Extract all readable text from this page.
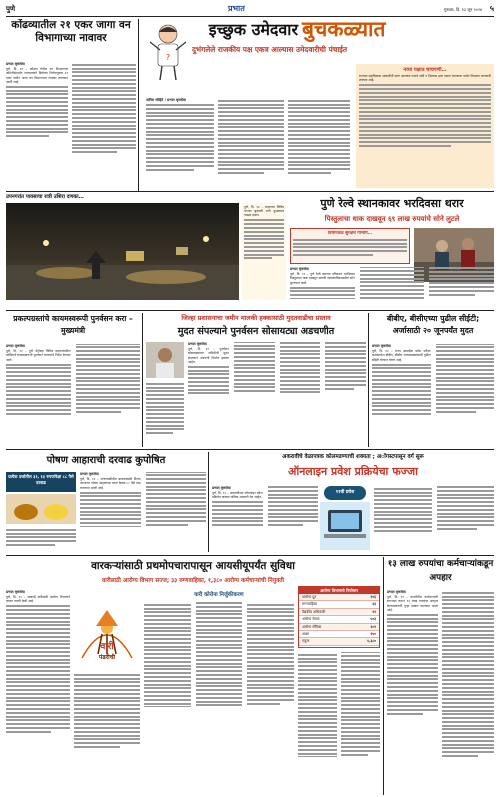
पुणे	प्रभात	गुरुवार, दि. १३ जून २०२४ ५
कोंढव्यातील २१ एकर जागा वन विभागाच्या नावावर
प्रभात वृत्तसेवा
पुणे, दि. १२ – कोंढवा येथील वन विभागाच्या जमिनीसंदर्भात न्यायालयाने दिलेल्या निर्णयानुसार २१ एकर जमीन आता वन विभागाच्या नावावर करण्यात आली आहे.
इच्छुक उमेदवार बुचकळ्यात
?
दुभंगलेले राजकीय पक्ष एकत्र आल्यास उमेदवारीची पंचाईत
अनिल मोहिते / प्रभात वृत्तसेवा
नव्या पक्षात चाचपणी…
राज्यात महाविकास आघाडीची सत्ता आल्यास पक्षाने संधी न दिल्यास इतर पक्षात जाण्याचा पर्याय निवडला जाण्याची शक्यता आहे.
उपनगरांत पावसाचा रात्री उशिरा दणका…
पुणे, दि. १२ – शहराच्या विविध भागांत बुधवारी रात्री मुसळधार पाऊस झाला.
पुणे रेल्वे स्थानकावर भरदिवसा थरार
पिस्तुलाचा धाक दाखवून ६९ लाख रुपयांचे सोने लुटले
विमानतळ सुरक्षेचे गांभीर्य…
प्रभात वृत्तसेवा
पुणे, दि. १२ – पुणे रेल्वे स्थानक परिसरात भरदिवसा पिस्तुलाचा धाक दाखवून सराफी व्यावसायिकाकडील सोने लुटण्यात आले.
प्रकल्पग्रस्तांचे कायमस्वरूपी पुनर्वसन करा – मुख्यमंत्री
प्रभात वृत्तसेवा
पुणे, दि. १२ – पुणे मेट्रोसह विविध प्रकल्पांमधील बाधितांचे कायमस्वरूपी पुनर्वसन करण्याचे निर्देश देण्यात आले.
जिल्हा प्रशासनाचा जमीन मालकी हक्कासाठी मुदतवाढीचा प्रस्ताव
मुदत संपल्याने पुनर्वसन सोसायट्या अडचणीत
प्रभात वृत्तसेवा
पुणे, दि. १२ – पुनर्वसन सोसायट्यांच्या जमिनीची मुदत संपल्याने अडचणी निर्माण झाल्या आहेत.
बीबीए, बीसीएच्या पुढील सीईटी; अर्जासाठी २० जूनपर्यंत मुदत
प्रभात वृत्तसेवा
पुणे, दि. १२ – राज्य सामाईक प्रवेश परीक्षा कक्षामार्फत बीबीए, बीसीए अभ्यासक्रमांसाठी पुढील सीईटी घेण्यात येणार आहे.
पोषण आहाराची दरवाढ कुपोषित
प्रत्येक दर्जातील ३१, १३ रुपयांपेक्षा ८८ पैसे दरवाढ
प्रभात वृत्तसेवा
पुणे, दि. १२ – अंगणवाडीतील बालकांसाठी दिल्या जाणाऱ्या पोषण आहाराच्या दरात केवळ ८८ पैसे वाढ करण्यात आली आहे.
अकरावीचे वेळापत्रक कोलमडण्याची शक्यता ; अॉगस्टपासून वर्ग सुरू
ऑनलाइन प्रवेश प्रक्रियेचा फज्जा
११वी प्रवेश
प्रभात वृत्तसेवा
पुणे, दि. १२ – अकरावीच्या ऑनलाइन प्रवेश प्रक्रियेत वारंवार तांत्रिक अडचणी येत आहेत.
वारकऱ्यांसाठी प्रथमोपचारापासून आयसीयूपर्यंत सुविधा
वारीसाठी आरोग्य विभाग सज्ज; ३३ रुग्णवाहिका, १,३८० आरोग्य कर्मचाऱ्यांची नियुक्ती
प्रभात वृत्तसेवा
पुणे, दि. १२ – आषाढी वारीसाठी आरोग्य विभागाने जय्यत तयारी केली आहे.
वारी
पंढरीची
वारी कोरोना निर्जुकीकरण
आरोग्य विभागाचे नियोजन
आरोग्य दूत	१०६
रुग्णवाहिका	३३
वैद्यकीय अधिकारी	९२
आरोग्य सेवक	५०३
आरोग्य सेविका	२०९
आशा	१५०
एकूण	१,३८०
१३ लाख रुपयांचा कर्मचाऱ्यांकडून अपहार
प्रभात वृत्तसेवा
पुणे, दि. १२ – कंपनीतील कर्मचाऱ्यांनी संगनमत करून १३ लाख रुपयांचा अपहार केल्याप्रकरणी गुन्हा दाखल करण्यात आला आहे.
